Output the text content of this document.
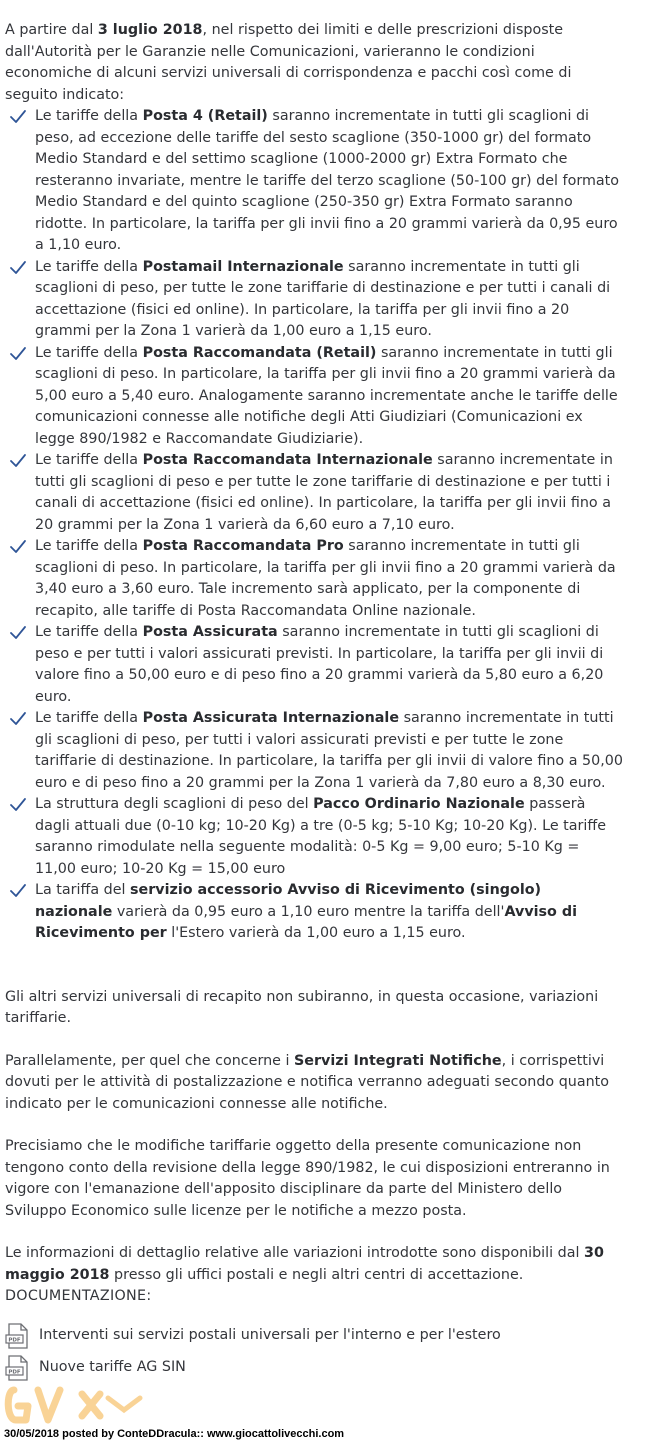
A partire dal 3 luglio 2018, nel rispetto dei limiti e delle prescrizioni disposte dall'Autorità per le Garanzie nelle Comunicazioni, varieranno le condizioni economiche di alcuni servizi universali di corrispondenza e pacchi così come di seguito indicato:

Le tariffe della Posta 4 (Retail) saranno incrementate in tutti gli scaglioni di peso, ad eccezione delle tariffe del sesto scaglione (350-1000 gr) del formato Medio Standard e del settimo scaglione (1000-2000 gr) Extra Formato che resteranno invariate, mentre le tariffe del terzo scaglione (50-100 gr) del formato Medio Standard e del quinto scaglione (250-350 gr) Extra Formato saranno ridotte. In particolare, la tariffa per gli invii fino a 20 grammi varierà da 0,95 euro a 1,10 euro.
Le tariffe della Postamail Internazionale saranno incrementate in tutti gli scaglioni di peso, per tutte le zone tariffarie di destinazione e per tutti i canali di accettazione (fisici ed online). In particolare, la tariffa per gli invii fino a 20 grammi per la Zona 1 varierà da 1,00 euro a 1,15 euro.
Le tariffe della Posta Raccomandata (Retail) saranno incrementate in tutti gli scaglioni di peso. In particolare, la tariffa per gli invii fino a 20 grammi varierà da 5,00 euro a 5,40 euro. Analogamente saranno incrementate anche le tariffe delle comunicazioni connesse alle notifiche degli Atti Giudiziari (Comunicazioni ex legge 890/1982 e Raccomandate Giudiziarie).
Le tariffe della Posta Raccomandata Internazionale saranno incrementate in tutti gli scaglioni di peso e per tutte le zone tariffarie di destinazione e per tutti i canali di accettazione (fisici ed online). In particolare, la tariffa per gli invii fino a 20 grammi per la Zona 1 varierà da 6,60 euro a 7,10 euro.
Le tariffe della Posta Raccomandata Pro saranno incrementate in tutti gli scaglioni di peso. In particolare, la tariffa per gli invii fino a 20 grammi varierà da 3,40 euro a 3,60 euro. Tale incremento sarà applicato, per la componente di recapito, alle tariffe di Posta Raccomandata Online nazionale.
Le tariffe della Posta Assicurata saranno incrementate in tutti gli scaglioni di peso e per tutti i valori assicurati previsti. In particolare, la tariffa per gli invii di valore fino a 50,00 euro e di peso fino a 20 grammi varierà da 5,80 euro a 6,20 euro.
Le tariffe della Posta Assicurata Internazionale saranno incrementate in tutti gli scaglioni di peso, per tutti i valori assicurati previsti e per tutte le zone tariffarie di destinazione. In particolare, la tariffa per gli invii di valore fino a 50,00 euro e di peso fino a 20 grammi per la Zona 1 varierà da 7,80 euro a 8,30 euro.
La struttura degli scaglioni di peso del Pacco Ordinario Nazionale passerà dagli attuali due (0-10 kg; 10-20 Kg) a tre (0-5 kg; 5-10 Kg; 10-20 Kg). Le tariffe saranno rimodulate nella seguente modalità: 0-5 Kg = 9,00 euro; 5-10 Kg = 11,00 euro; 10-20 Kg = 15,00 euro
La tariffa del servizio accessorio Avviso di Ricevimento (singolo) nazionale varierà da 0,95 euro a 1,10 euro mentre la tariffa dell'Avviso di Ricevimento per l'Estero varierà da 1,00 euro a 1,15 euro.

Gli altri servizi universali di recapito non subiranno, in questa occasione, variazioni tariffarie.

Parallelamente, per quel che concerne i Servizi Integrati Notifiche, i corrispettivi dovuti per le attività di postalizzazione e notifica verranno adeguati secondo quanto indicato per le comunicazioni connesse alle notifiche.

Precisiamo che le modifiche tariffarie oggetto della presente comunicazione non tengono conto della revisione della legge 890/1982, le cui disposizioni entreranno in vigore con l'emanazione dell'apposito disciplinare da parte del Ministero dello Sviluppo Economico sulle licenze per le notifiche a mezzo posta.

Le informazioni di dettaglio relative alle variazioni introdotte sono disponibili dal 30 maggio 2018 presso gli uffici postali e negli altri centri di accettazione.

DOCUMENTAZIONE:

PDF Interventi sui servizi postali universali per l'interno e per l'estero
PDF Nuove tariffe AG SIN
30/05/2018 posted by ConteDDracula:: www.giocattolivecchi.com
